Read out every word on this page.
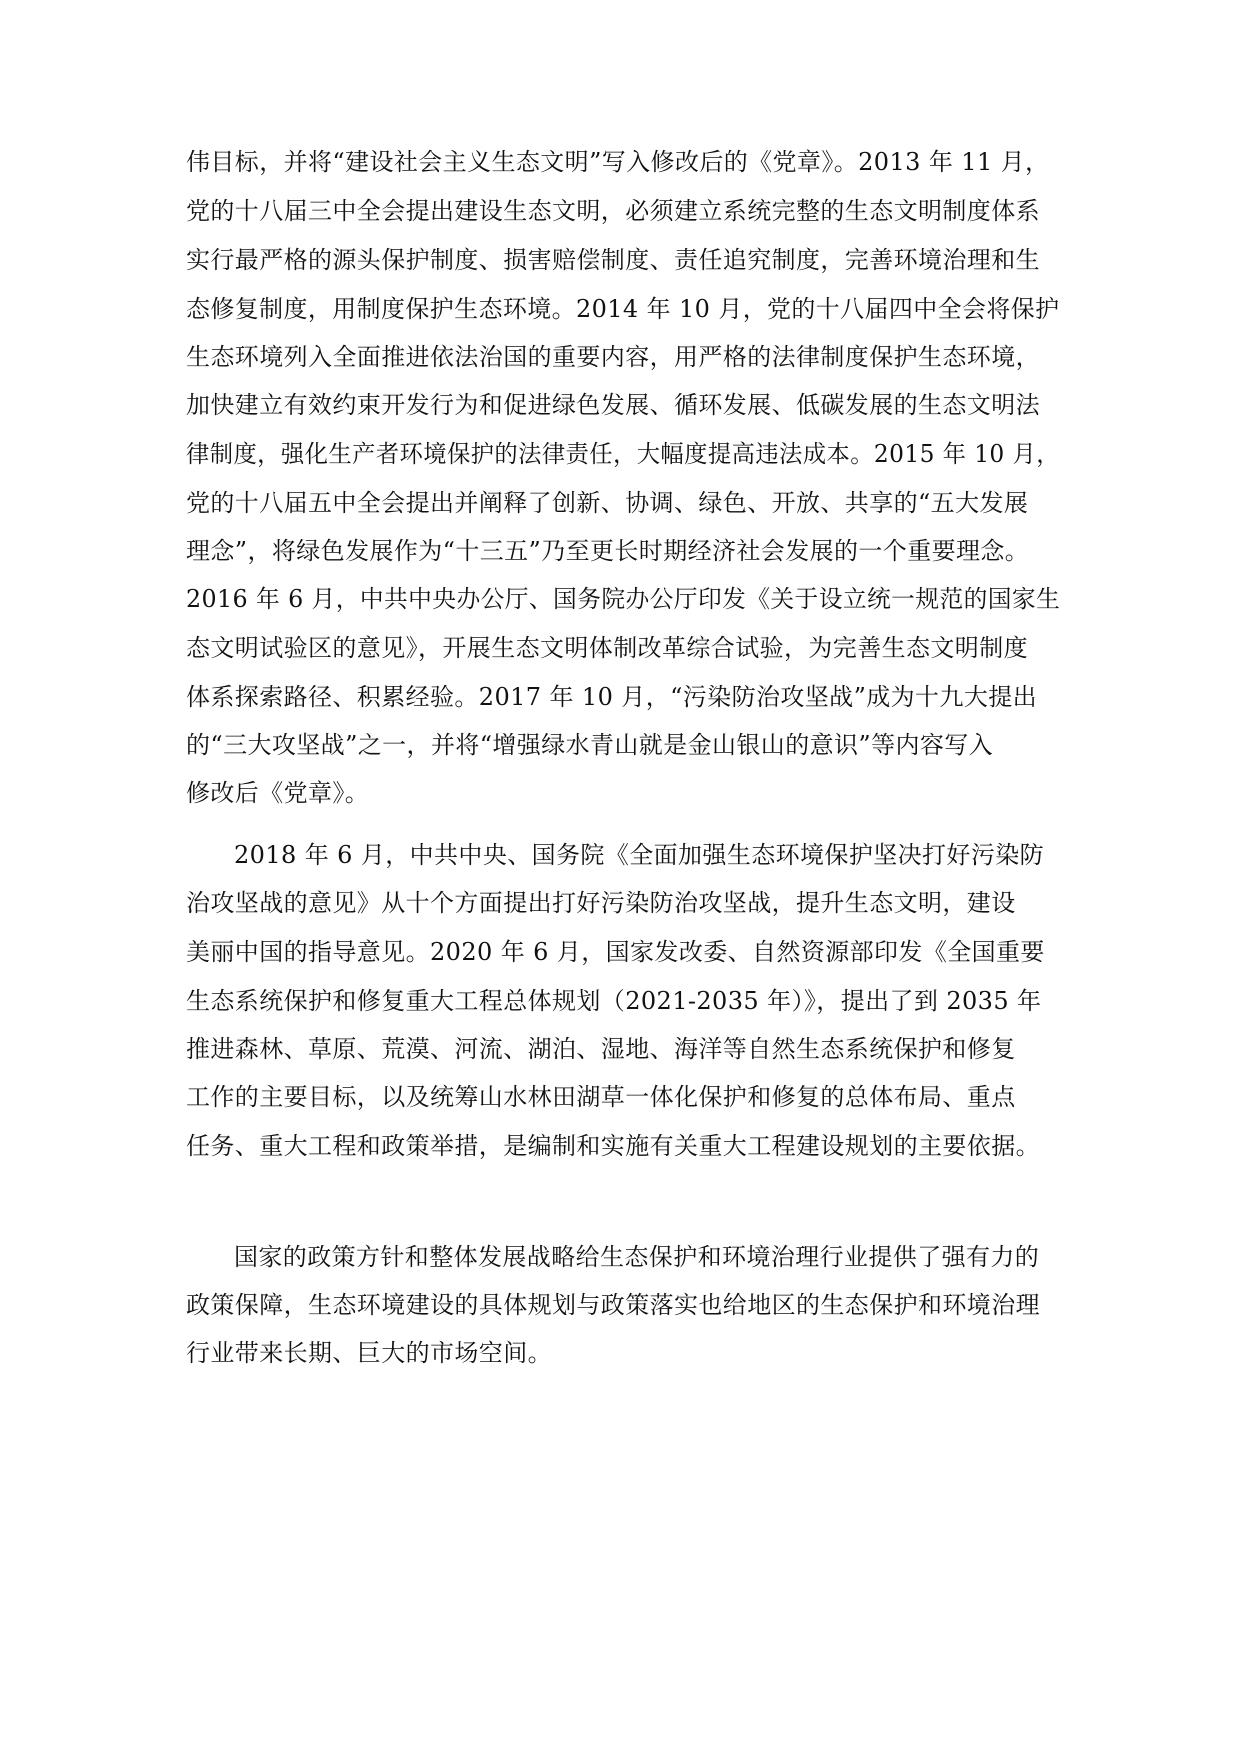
伟目标，并将“建设社会主义生态文明”写入修改后的《党章》。2013 年 11 月，
党的十八届三中全会提出建设生态文明，必须建立系统完整的生态文明制度体系
实行最严格的源头保护制度、损害赔偿制度、责任追究制度，完善环境治理和生
态修复制度，用制度保护生态环境。2014 年 10 月，党的十八届四中全会将保护
生态环境列入全面推进依法治国的重要内容，用严格的法律制度保护生态环境，
加快建立有效约束开发行为和促进绿色发展、循环发展、低碳发展的生态文明法
律制度，强化生产者环境保护的法律责任，大幅度提高违法成本。2015 年 10 月，
党的十八届五中全会提出并阐释了创新、协调、绿色、开放、共享的“五大发展
理念”，将绿色发展作为“十三五”乃至更长时期经济社会发展的一个重要理念。
2016 年 6 月，中共中央办公厅、国务院办公厅印发《关于设立统一规范的国家生
态文明试验区的意见》，开展生态文明体制改革综合试验，为完善生态文明制度
体系探索路径、积累经验。2017 年 10 月，“污染防治攻坚战”成为十九大提出
的“三大攻坚战”之一，并将“增强绿水青山就是金山银山的意识”等内容写入
修改后《党章》。
2018 年 6 月，中共中央、国务院《全面加强生态环境保护坚决打好污染防
治攻坚战的意见》从十个方面提出打好污染防治攻坚战，提升生态文明，建设
美丽中国的指导意见。2020 年 6 月，国家发改委、自然资源部印发《全国重要
生态系统保护和修复重大工程总体规划（2021-2035 年）》，提出了到 2035 年
推进森林、草原、荒漠、河流、湖泊、湿地、海洋等自然生态系统保护和修复
工作的主要目标，以及统筹山水林田湖草一体化保护和修复的总体布局、重点
任务、重大工程和政策举措，是编制和实施有关重大工程建设规划的主要依据。
国家的政策方针和整体发展战略给生态保护和环境治理行业提供了强有力的
政策保障，生态环境建设的具体规划与政策落实也给地区的生态保护和环境治理
行业带来长期、巨大的市场空间。
